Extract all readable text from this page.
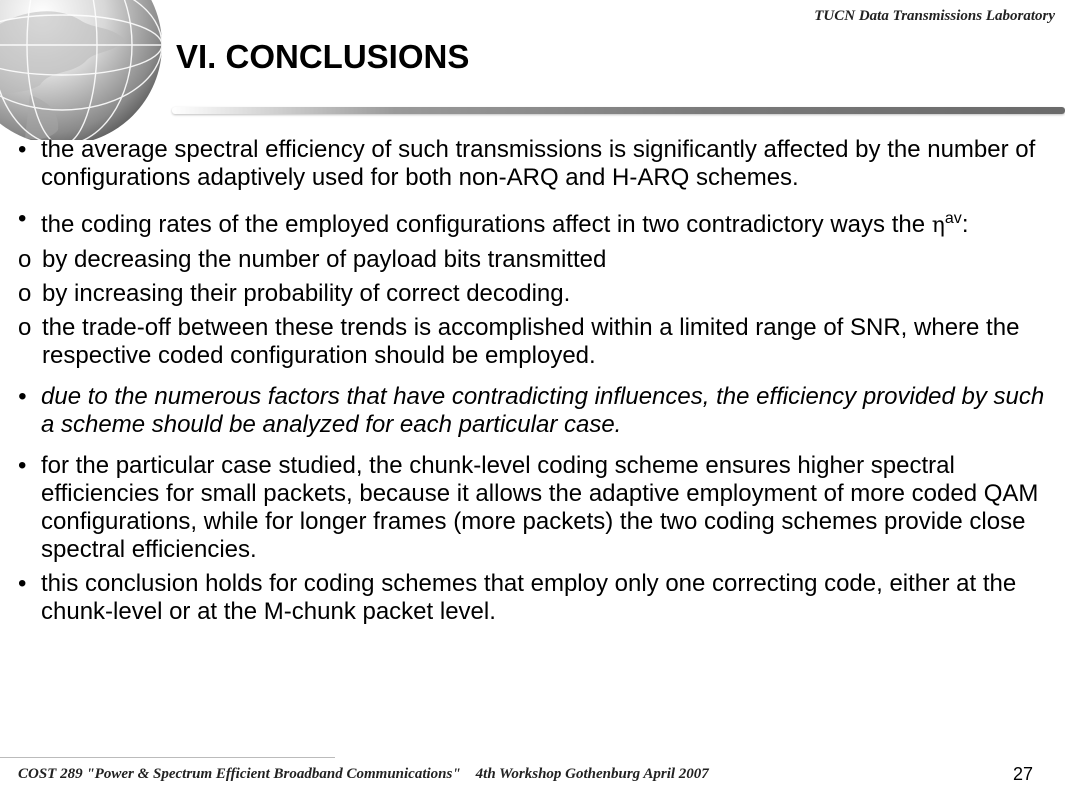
TUCN Data Transmissions Laboratory
VI. CONCLUSIONS

• the average spectral efficiency of such transmissions is significantly affected by the number of configurations adaptively used for both non-ARQ and H-ARQ schemes.

• the coding rates of the employed configurations affect in two contradictory ways the $\eta^{av}$:

o by decreasing the number of payload bits transmitted

o by increasing their probability of correct decoding.

o the trade-off between these trends is accomplished within a limited range of SNR, where the respective coded configuration should be employed.

• due to the numerous factors that have contradicting influences, the efficiency provided by such a scheme should be analyzed for each particular case.

• for the particular case studied, the chunk-level coding scheme ensures higher spectral efficiencies for small packets, because it allows the adaptive employment of more coded QAM configurations, while for longer frames (more packets) the two coding schemes provide close spectral efficiencies.

• this conclusion holds for coding schemes that employ only one correcting code, either at the chunk-level or at the M-chunk packet level.

COST 289 "Power & Spectrum Efficient Broadband Communications"    4th Workshop Gothenburg April 2007	27
